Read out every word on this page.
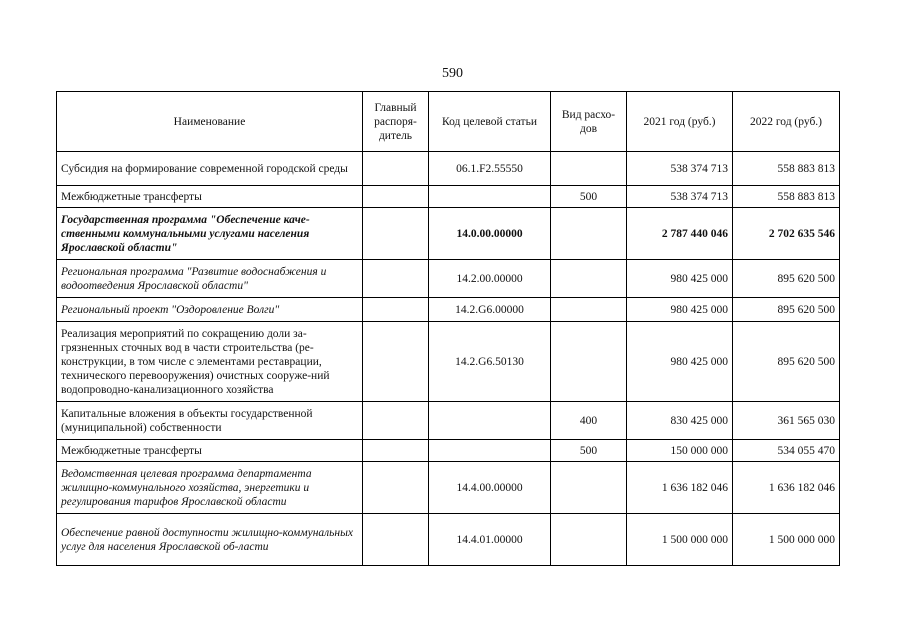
590
Наименование	Главный распоря-дитель	Код целевой статьи	Вид расхо-дов	2021 год (руб.)	2022 год (руб.)
Субсидия на формирование современной городской среды		06.1.F2.55550		538 374 713	558 883 813
Межбюджетные трансферты			500	538 374 713	558 883 813
Государственная программа "Обеспечение каче-ственными коммунальными услугами населения Ярославской области"		14.0.00.00000		2 787 440 046	2 702 635 546
Региональная программа "Развитие водоснабжения и водоотведения Ярославской области"		14.2.00.00000		980 425 000	895 620 500
Региональный проект "Оздоровление Волги"		14.2.G6.00000		980 425 000	895 620 500
Реализация мероприятий по сокращению доли за-грязненных сточных вод в части строительства (ре-конструкции, в том числе с элементами реставрации, технического перевооружения) очистных сооруже-ний водопроводно-канализационного хозяйства		14.2.G6.50130		980 425 000	895 620 500
Капитальные вложения в объекты государственной (муниципальной) собственности			400	830 425 000	361 565 030
Межбюджетные трансферты			500	150 000 000	534 055 470
Ведомственная целевая программа департамента жилищно-коммунального хозяйства, энергетики и регулирования тарифов Ярославской области		14.4.00.00000		1 636 182 046	1 636 182 046
Обеспечение равной доступности жилищно-коммунальных услуг для населения Ярославской об-ласти		14.4.01.00000		1 500 000 000	1 500 000 000
